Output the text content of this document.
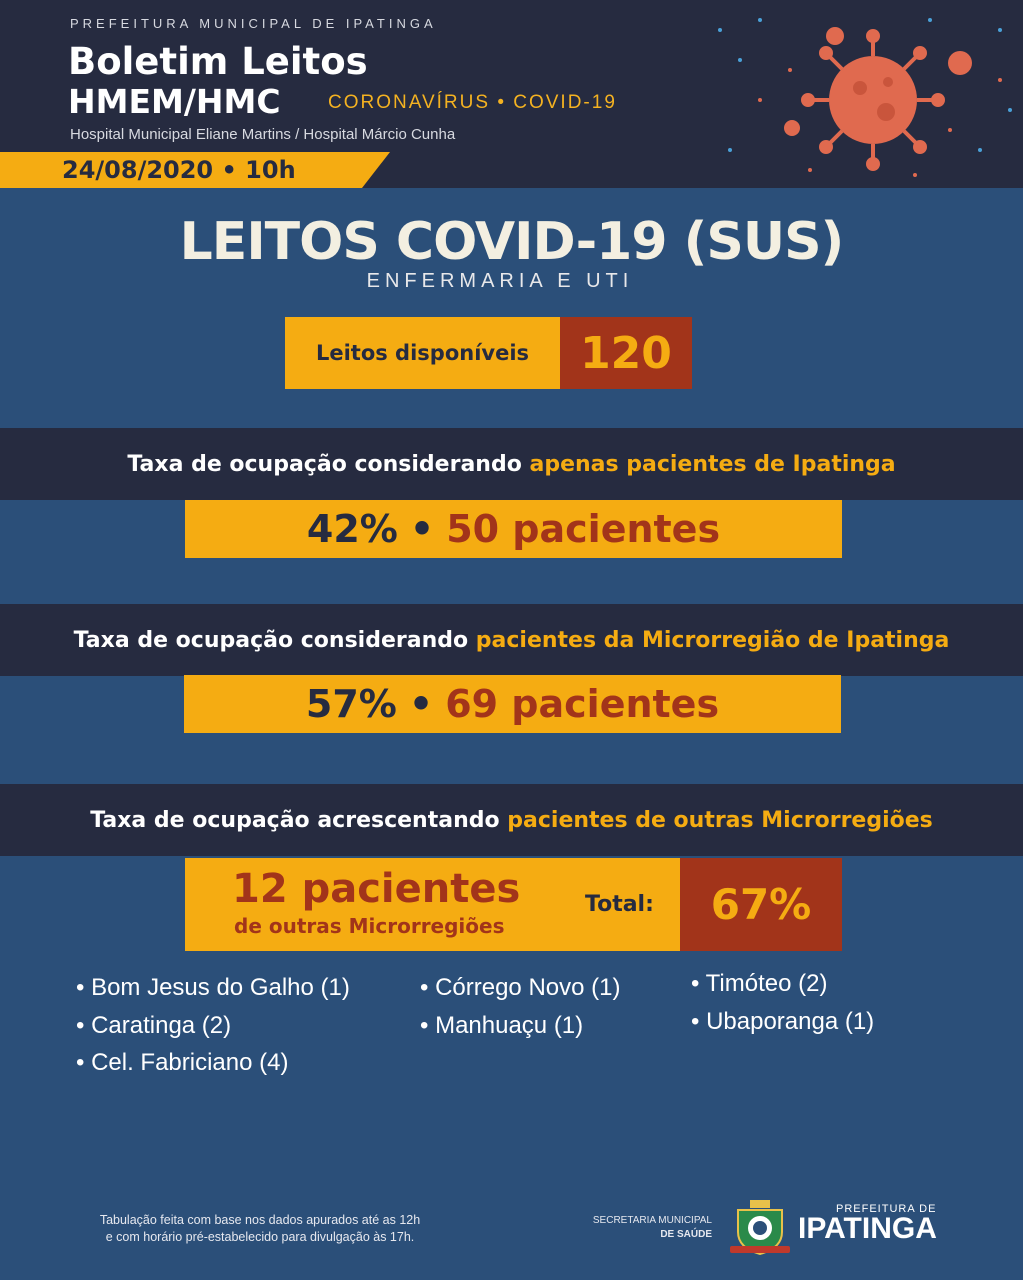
PREFEITURA MUNICIPAL DE IPATINGA
Boletim Leitos
HMEM/HMC CORONAVÍRUS • COVID-19
Hospital Municipal Eliane Martins / Hospital Márcio Cunha
24/08/2020 • 10h
LEITOS COVID-19 (SUS)
ENFERMARIA E UTI
Leitos disponíveis 120
Taxa de ocupação considerando apenas pacientes de Ipatinga
42% • 50 pacientes
Taxa de ocupação considerando pacientes da Microrregião de Ipatinga
57% • 69 pacientes
Taxa de ocupação acrescentando pacientes de outras Microrregiões
12 pacientes
de outras Microrregiões
Total: 67%
• Bom Jesus do Galho (1)
• Caratinga (2)
• Cel. Fabriciano (4)
• Córrego Novo (1)
• Manhuaçu (1)
• Timóteo (2)
• Ubaporanga (1)
Tabulação feita com base nos dados apurados até as 12h
e com horário pré-estabelecido para divulgação às 17h.
SECRETARIA MUNICIPAL
DE SAÚDE
PREFEITURA DE
IPATINGA
